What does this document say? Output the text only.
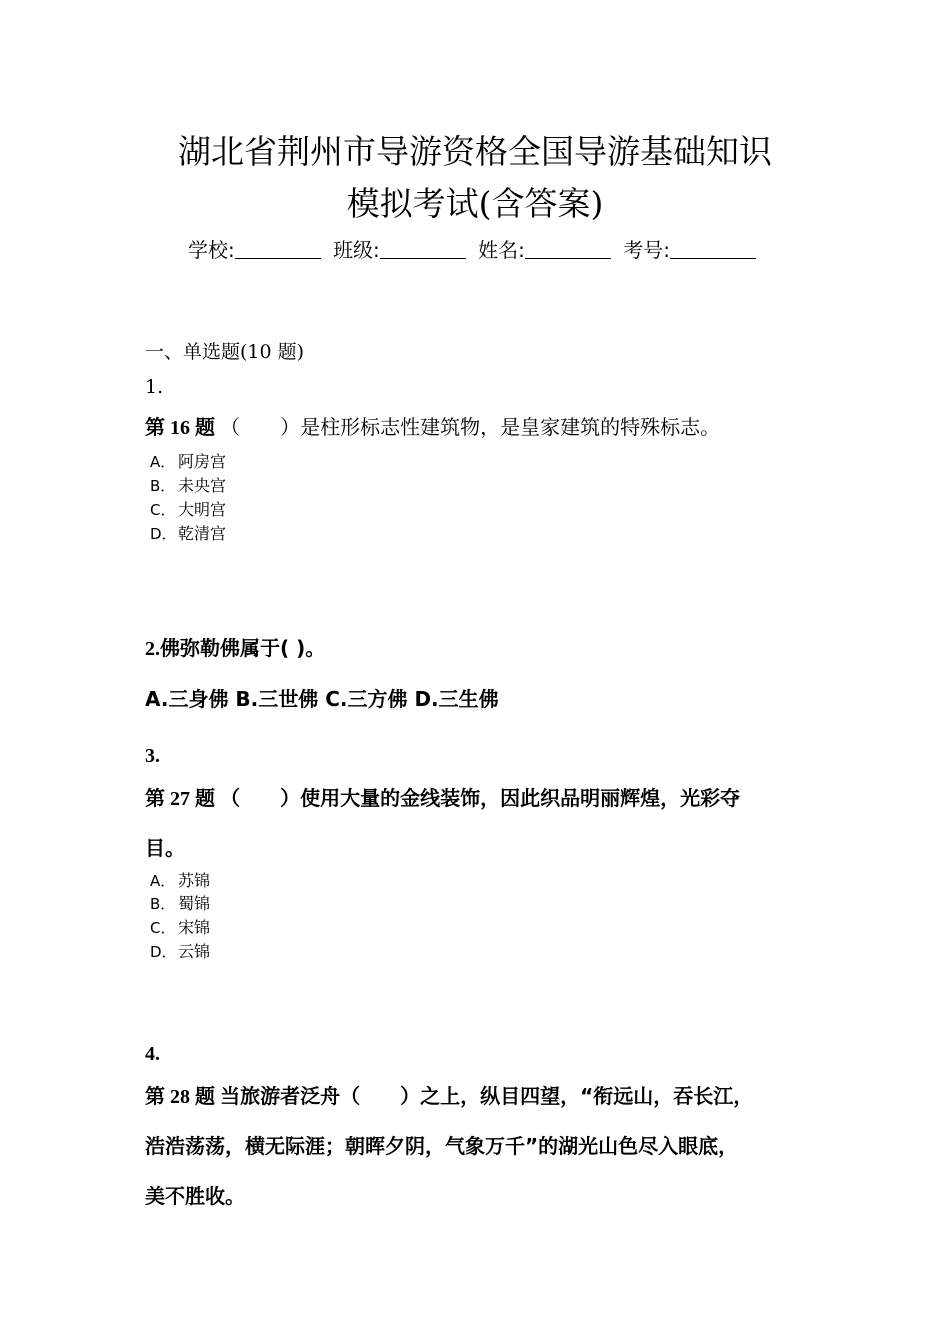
湖北省荆州市导游资格全国导游基础知识
模拟考试(含答案)
学校:	班级:	姓名:	考号:
一、单选题(10 题)
1.
第 16 题 （　　）是柱形标志性建筑物，是皇家建筑的特殊标志。
A． 阿房宫
B． 未央宫
C． 大明宫
D．乾清宫
2.佛弥勒佛属于( )。
A.三身佛 B.三世佛 C.三方佛 D.三生佛
3.
第 27 题 （　　）使用大量的金线装饰，因此织品明丽辉煌，光彩夺
目。
A． 苏锦
B． 蜀锦
C． 宋锦
D．云锦
4.
第 28 题 当旅游者泛舟（　　）之上，纵目四望，“衔远山，吞长江，
浩浩荡荡，横无际涯；朝晖夕阴，气象万千”的湖光山色尽入眼底，
美不胜收。
